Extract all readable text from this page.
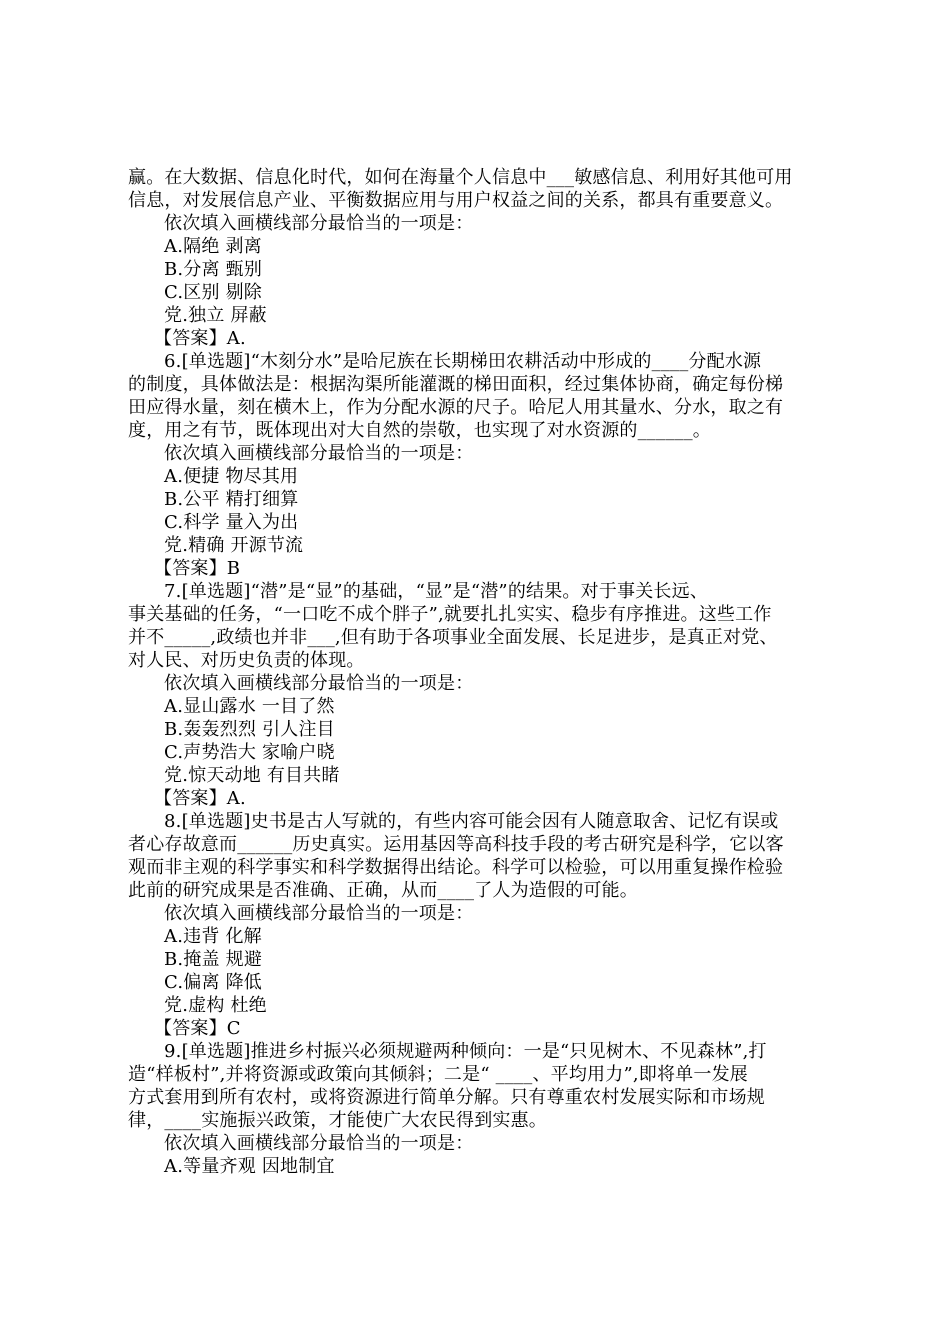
赢。在大数据、信息化时代，如何在海量个人信息中___敏感信息、利用好其他可用
信息，对发展信息产业、平衡数据应用与用户权益之间的关系，都具有重要意义。
依次填入画横线部分最恰当的一项是：
A.隔绝 剥离
B.分离 甄别
C.区别 剔除
党.独立 屏蔽
【答案】A.
6.[单选题]“木刻分水”是哈尼族在长期梯田农耕活动中形成的____分配水源
的制度，具体做法是：根据沟渠所能灌溉的梯田面积，经过集体协商，确定每份梯
田应得水量，刻在横木上，作为分配水源的尺子。哈尼人用其量水、分水，取之有
度，用之有节，既体现出对大自然的崇敬，也实现了对水资源的______。
依次填入画横线部分最恰当的一项是：
A.便捷 物尽其用
B.公平 精打细算
C.科学 量入为出
党.精确 开源节流
【答案】B
7.[单选题]“潜”是“显”的基础，“显”是“潜”的结果。对于事关长远、
事关基础的任务，“一口吃不成个胖子”,就要扎扎实实、稳步有序推进。这些工作
并不_____,政绩也并非___,但有助于各项事业全面发展、长足进步，是真正对党、
对人民、对历史负责的体现。
依次填入画横线部分最恰当的一项是：
A.显山露水 一目了然
B.轰轰烈烈 引人注目
C.声势浩大 家喻户晓
党.惊天动地 有目共睹
【答案】A.
8.[单选题]史书是古人写就的，有些内容可能会因有人随意取舍、记忆有误或
者心存故意而______历史真实。运用基因等高科技手段的考古研究是科学，它以客
观而非主观的科学事实和科学数据得出结论。科学可以检验，可以用重复操作检验
此前的研究成果是否准确、正确，从而____了人为造假的可能。
依次填入画横线部分最恰当的一项是：
A.违背 化解
B.掩盖 规避
C.偏离 降低
党.虚构 杜绝
【答案】C
9.[单选题]推进乡村振兴必须规避两种倾向：一是“只见树木、不见森林”,打
造“样板村”,并将资源或政策向其倾斜；二是“ ____、平均用力”,即将单一发展
方式套用到所有农村，或将资源进行简单分解。只有尊重农村发展实际和市场规
律，____实施振兴政策，才能使广大农民得到实惠。
依次填入画横线部分最恰当的一项是：
A.等量齐观 因地制宜
